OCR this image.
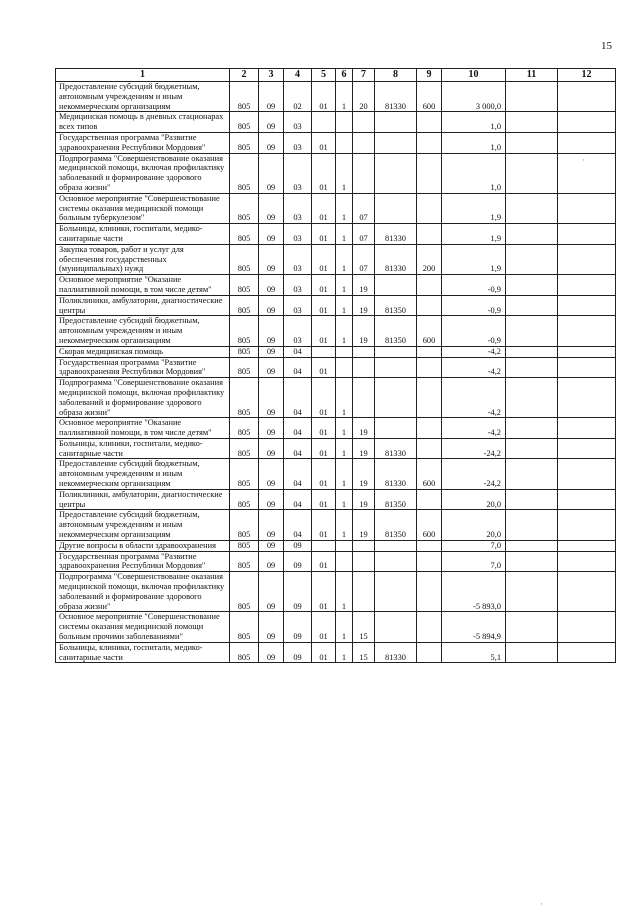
15
1	2	3	4	5	6	7	8	9	10	11	12
Предоставление субсидий бюджетным, автономным учреждениям и иным некоммерческим организациям	805	09	02	01	1	20	81330	600	3 000,0		
Медицинская помощь в дневных стационарах всех типов	805	09	03						1,0		
Государственная программа "Развитие здравоохранения Республики Мордовия"	805	09	03	01					1,0		
Подпрограмма "Совершенствование оказания медицинской помощи, включая профилактику заболеваний и формирование здорового образа жизни"	805	09	03	01	1				1,0		
Основное мероприятие "Совершенствование системы оказания медицинской помощи больным туберкулезом"	805	09	03	01	1	07			1,9		
Больницы, клиники, госпитали, медико-санитарные части	805	09	03	01	1	07	81330		1,9		
Закупка товаров, работ и услуг для обеспечения государственных (муниципальных) нужд	805	09	03	01	1	07	81330	200	1,9		
Основное мероприятие "Оказание паллиативной помощи, в том числе детям"	805	09	03	01	1	19			-0,9		
Поликлиники, амбулатории, диагностические центры	805	09	03	01	1	19	81350		-0,9		
Предоставление субсидий бюджетным, автономным учреждениям и иным некоммерческим организациям	805	09	03	01	1	19	81350	600	-0,9		
Скорая медицинская помощь	805	09	04						-4,2		
Государственная программа "Развитие здравоохранения Республики Мордовия"	805	09	04	01					-4,2		
Подпрограмма "Совершенствование оказания медицинской помощи, включая профилактику заболеваний и формирование здорового образа жизни"	805	09	04	01	1				-4,2		
Основное мероприятие "Оказание паллиативной помощи, в том числе детям"	805	09	04	01	1	19			-4,2		
Больницы, клиники, госпитали, медико-санитарные части	805	09	04	01	1	19	81330		-24,2		
Предоставление субсидий бюджетным, автономным учреждениям и иным некоммерческим организациям	805	09	04	01	1	19	81330	600	-24,2		
Поликлиники, амбулатории, диагностические центры	805	09	04	01	1	19	81350		20,0		
Предоставление субсидий бюджетным, автономным учреждениям и иным некоммерческим организациям	805	09	04	01	1	19	81350	600	20,0		
Другие вопросы в области здравоохранения	805	09	09						7,0		
Государственная программа "Развитие здравоохранения Республики Мордовия"	805	09	09	01					7,0		
Подпрограмма "Совершенствование оказания медицинской помощи, включая профилактику заболеваний и формирование здорового образа жизни"	805	09	09	01	1				-5 893,0		
Основное мероприятие "Совершенствование системы оказания медицинской помощи больным прочими заболеваниями"	805	09	09	01	1	15			-5 894,9		
Больницы, клиники, госпитали, медико-санитарные части	805	09	09	01	1	15	81330		5,1		
·
·
